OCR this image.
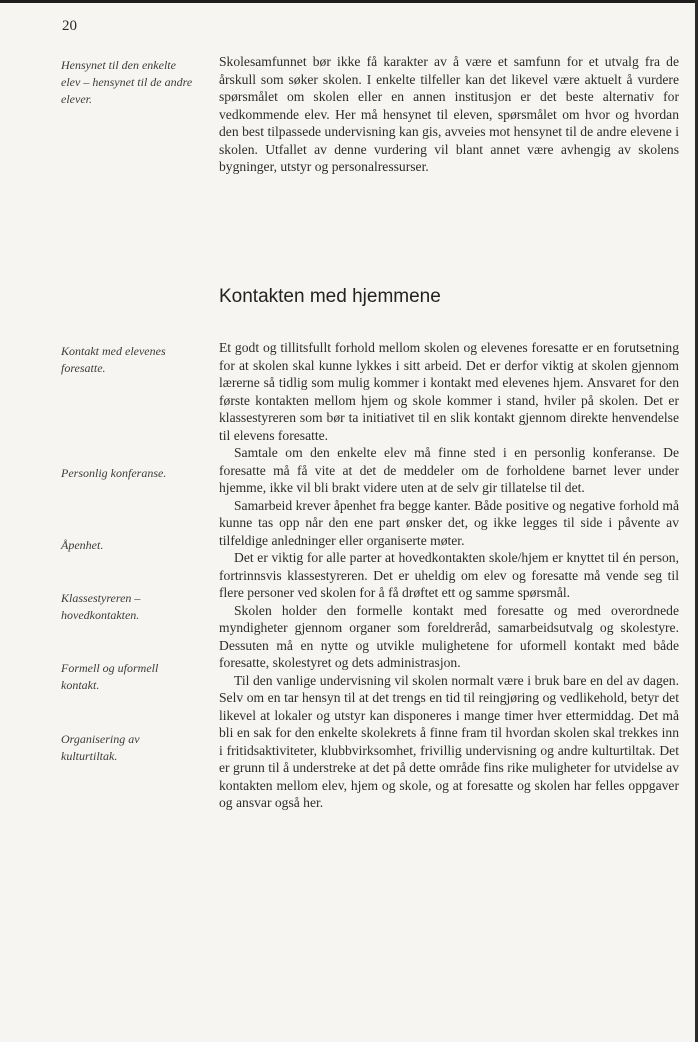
20
Hensynet til den enkelte elev – hensynet til de andre elever.

Skolesamfunnet bør ikke få karakter av å være et samfunn for et utvalg fra de årskull som søker skolen. I enkelte tilfeller kan det likevel være aktuelt å vurdere spørsmålet om skolen eller en annen institusjon er det beste alternativ for vedkommende elev. Her må hensynet til eleven, spørsmålet om hvor og hvordan den best tilpassede undervisning kan gis, avveies mot hensynet til de andre elevene i skolen. Utfallet av denne vurdering vil blant annet være avhengig av skolens bygninger, utstyr og personalressurser.

Kontakten med hjemmene
Kontakt med elevenes foresatte.
Personlig konferanse.
Åpenhet.
Klassestyreren – hovedkontakten.
Formell og uformell kontakt.
Organisering av kulturtiltak.

Et godt og tillitsfullt forhold mellom skolen og elevenes foresatte er en forutsetning for at skolen skal kunne lykkes i sitt arbeid. Det er derfor viktig at skolen gjennom lærerne så tidlig som mulig kommer i kontakt med elevenes hjem. Ansvaret for den første kontakten mellom hjem og skole kommer i stand, hviler på skolen. Det er klassestyreren som bør ta initiativet til en slik kontakt gjennom direkte henvendelse til elevens foresatte.

Samtale om den enkelte elev må finne sted i en personlig konferanse. De foresatte må få vite at det de meddeler om de forholdene barnet lever under hjemme, ikke vil bli brakt videre uten at de selv gir tillatelse til det.

Samarbeid krever åpenhet fra begge kanter. Både positive og negative forhold må kunne tas opp når den ene part ønsker det, og ikke legges til side i påvente av tilfeldige anledninger eller organiserte møter.

Det er viktig for alle parter at hovedkontakten skole/hjem er knyttet til én person, fortrinnsvis klassestyreren. Det er uheldig om elev og foresatte må vende seg til flere personer ved skolen for å få drøftet ett og samme spørsmål.

Skolen holder den formelle kontakt med foresatte og med overordnede myndigheter gjennom organer som foreldreråd, samarbeidsutvalg og skolestyre. Dessuten må en nytte og utvikle mulighetene for uformell kontakt med både foresatte, skolestyret og dets administrasjon.

Til den vanlige undervisning vil skolen normalt være i bruk bare en del av dagen. Selv om en tar hensyn til at det trengs en tid til reingjøring og vedlikehold, betyr det likevel at lokaler og utstyr kan disponeres i mange timer hver ettermiddag. Det må bli en sak for den enkelte skolekrets å finne fram til hvordan skolen skal trekkes inn i fritidsaktiviteter, klubbvirksomhet, frivillig undervisning og andre kulturtiltak. Det er grunn til å understreke at det på dette område fins rike muligheter for utvidelse av kontakten mellom elev, hjem og skole, og at foresatte og skolen har felles oppgaver og ansvar også her.
